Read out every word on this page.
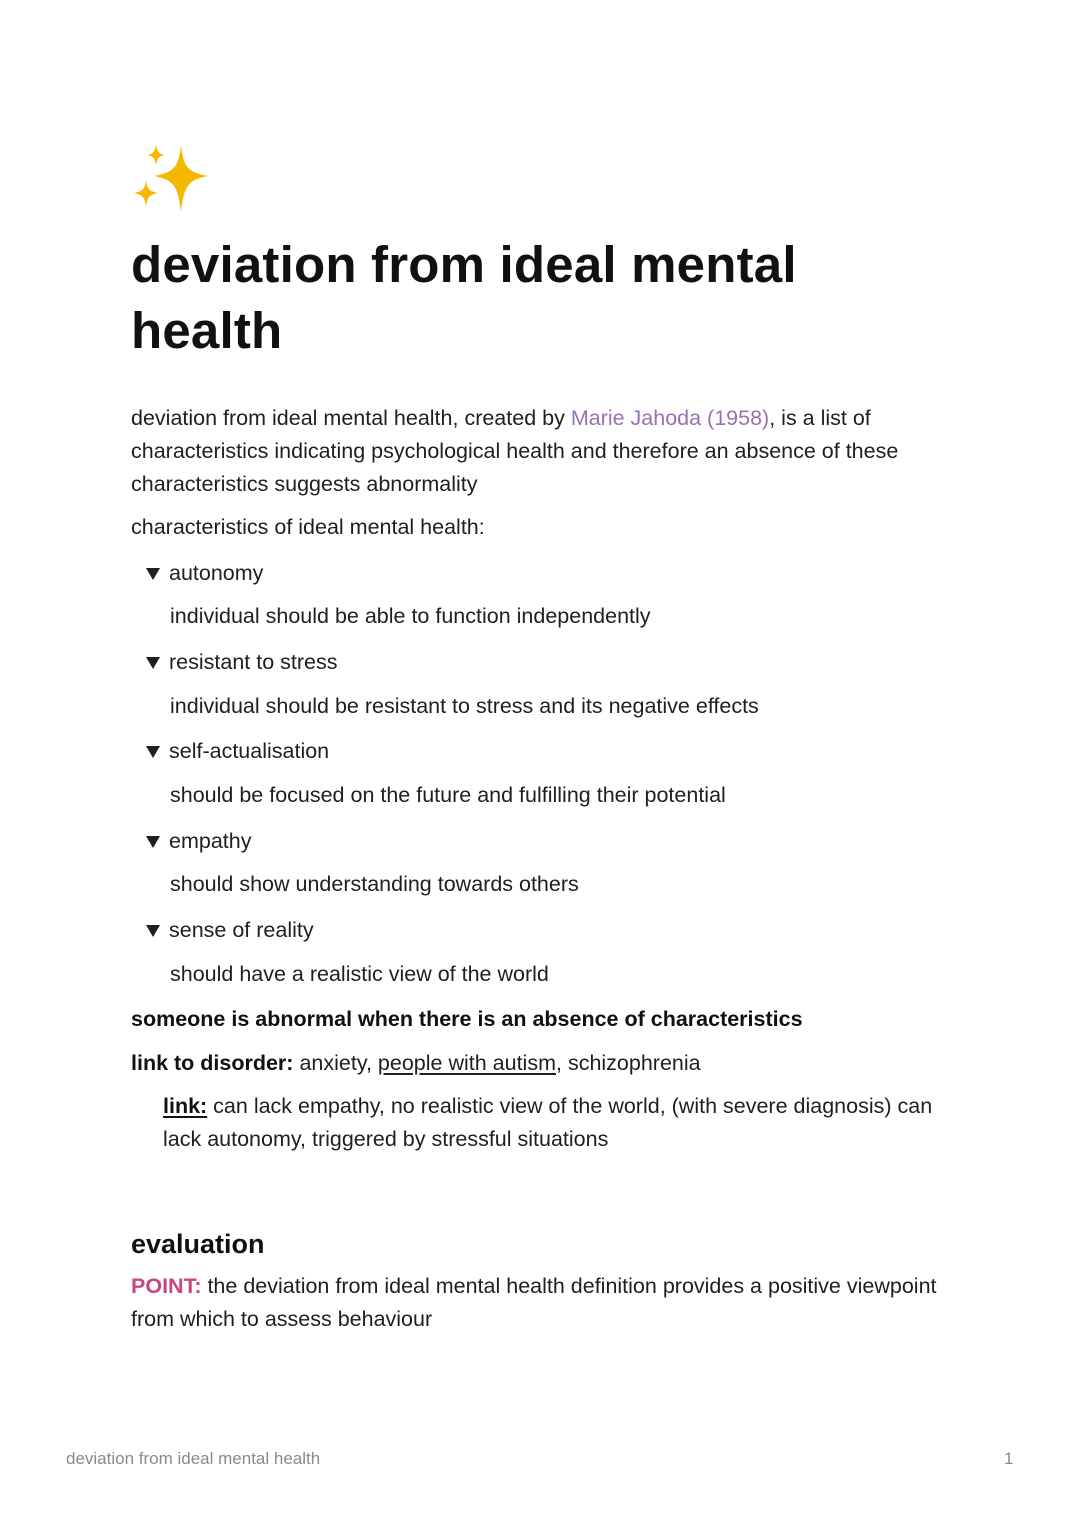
deviation from ideal mental health

deviation from ideal mental health, created by Marie Jahoda (1958), is a list of characteristics indicating psychological health and therefore an absence of these characteristics suggests abnormality

characteristics of ideal mental health:

autonomy

individual should be able to function independently

resistant to stress

individual should be resistant to stress and its negative effects

self-actualisation

should be focused on the future and fulfilling their potential

empathy

should show understanding towards others

sense of reality

should have a realistic view of the world

someone is abnormal when there is an absence of characteristics

link to disorder: anxiety, people with autism, schizophrenia

link: can lack empathy, no realistic view of the world, (with severe diagnosis) can lack autonomy, triggered by stressful situations

evaluation

POINT: the deviation from ideal mental health definition provides a positive viewpoint from which to assess behaviour

deviation from ideal mental health	1
